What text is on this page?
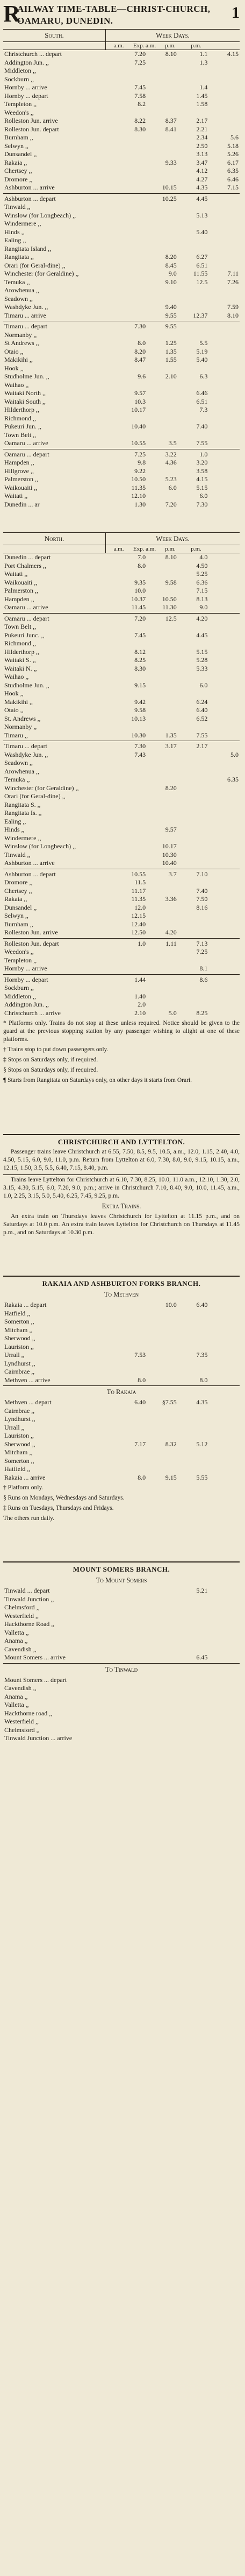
R
AILWAY TIME-TABLE—CHRIST-CHURCH, OAMARU, DUNEDIN.	1
South.	Week Days.
a.m.	Exp. a.m.	p.m.	p.m.
Christchurch ... depart	7.20	8.10	1.1	4.15
Addington Jun. ,,	7.25		1.3	
Middleton ,,				
Sockburn ,,				
Hornby ... arrive	7.45		1.4	
Hornby ... depart	7.58		1.45	
Templeton ,,	8.2		1.58	
Weedon's ,,				
Rolleston Jun. arrive	8.22	8.37	2.17	
Rolleston Jun. depart	8.30	8.41	2.21	
Burnham ,,			2.34	5.6
Selwyn ,,			2.50	5.18
Dunsandel ,,			3.13	5.26
Rakaia ,,		9.33	3.47	6.17
Chertsey ,,			4.12	6.35
Dromore ,,			4.27	6.46
Ashburton ... arrive		10.15	4.35	7.15
Ashburton ... depart		10.25	4.45	
Tinwald ,,				
Winslow (for Longbeach) ,,			5.13	
Windermere ,,				
Hinds ,,			5.40	
Ealing ,,				
Rangitata Island ,,				
Rangitata ,,		8.20	6.27	
Orari (for Geral-dine) ,,		8.45	6.51	
Winchester (for Geraldine) ,,		9.0	11.55	7.11
Temuka ,,		9.10	12.5	7.26
Arowhenua ,,				
Seadown ,,				
Washdyke Jun. ,,		9.40		7.59
Timaru ... arrive		9.55	12.37	8.10
Timaru ... depart	7.30	9.55		
Normanby ,,				
St Andrews ,,	8.0	1.25	5.5	
Otaio ,,	8.20	1.35	5.19	
Makikihi ,,	8.47	1.55	5.40	
Hook ,,				
Studholme Jun. ,,	9.6	2.10	6.3	
Waihao ,,				
Waitaki North ,,	9.57		6.46	
Waitaki South ,,	10.3		6.51	
Hilderthorp ,,	10.17		7.3	
Richmond ,,				
Pukeuri Jun. ,,	10.40		7.40	
Town Belt ,,				
Oamaru ... arrive	10.55	3.5	7.55	
Oamaru ... depart	7.25	3.22	1.0	
Hampden ,,	9.8	4.36	3.20	
Hillgrove ,,	9.22		3.58	
Palmerston ,,	10.50	5.23	4.15	
Waikouaiti ,,	11.35	6.0	5.15	
Waitati ,,	12.10		6.0	
Dunedin ... ar	1.30	7.20	7.30	
North.	Week Days.
a.m.	Exp. a.m.	p.m.	p.m.
Dunedin ... depart	7.0	8.10	4.0	
Port Chalmers ,,	8.0		4.50	
Waitati ,,			5.25	
Waikouaiti ,,	9.35	9.58	6.36	
Palmerston ,,	10.0		7.15	
Hampden ,,	10.37	10.50	8.13	
Oamaru ... arrive	11.45	11.30	9.0	
Oamaru ... depart	7.20	12.5	4.20	
Town Belt ,,				
Pukeuri Junc. ,,	7.45		4.45	
Richmond ,,				
Hilderthorp ,,	8.12		5.15	
Waitaki S. ,,	8.25		5.28	
Waitaki N. ,,	8.30		5.33	
Waihao ,,				
Studholme Jun. ,,	9.15		6.0	
Hook ,,				
Makikihi ,,	9.42		6.24	
Otaio ,,	9.58		6.40	
St. Andrews ,,	10.13		6.52	
Normanby ,,				
Timaru ,,	10.30	1.35	7.55	
Timaru ... depart	7.30	3.17	2.17	
Washdyke Jun. ,,	7.43			5.0
Seadown ,,				
Arowhenua ,,				
Temuka ,,				6.35
Winchester (for Geraldine) ,,		8.20		
Orari (for Geral-dine) ,,				
Rangitata S. ,,				
Rangitata Is. ,,				
Ealing ,,				
Hinds ,,		9.57		
Windermere ,,				
Winslow (for Longbeach) ,,		10.17		
Tinwald ,,		10.30		
Ashburton ... arrive		10.40		
Ashburton ... depart	10.55	3.7	7.10	
Dromore ,,	11.5			
Chertsey ,,	11.17		7.40	
Rakaia ,,	11.35	3.36	7.50	
Dunsandel ,,	12.0		8.16	
Selwyn ,,	12.15			
Burnham ,,	12.40			
Rolleston Jun. arrive	12.50	4.20		
Rolleston Jun. depart	1.0	1.11	7.13	
Weedon's ,,			7.25	
Templeton ,,				
Hornby ... arrive			8.1	
Hornby ... depart	1.44		8.6	
Sockburn ,,				
Middleton ,,	1.40			
Addington Jun. ,,	2.0			
Christchurch ... arrive	2.10	5.0	8.25	
* Platforms only. Trains do not stop at these unless required. Notice should be given to the guard at the previous stopping station by any passenger wishing to alight at one of these platforms.
† Trains stop to put down passengers only.
‡ Stops on Saturdays only, if required.
§ Stops on Saturdays only, if required.
¶ Starts from Rangitata on Saturdays only, on other days it starts from Orari.
CHRISTCHURCH AND LYTTELTON.
Passenger trains leave Christchurch at 6.55, 7.50, 8.5, 9.5, 10.5, a.m., 12.0, 1.15, 2.40, 4.0, 4.50, 5.15, 6.0, 9.0, 11.0, p.m. Return from Lyttelton at 6.0, 7.30, 8.0, 9.0, 9.15, 10.15, a.m., 12.15, 1.50, 3.5, 5.5, 6.40, 7.15, 8.40, p.m.
Trains leave Lyttelton for Christchurch at 6.10, 7.30, 8.25, 10.0, 11.0 a.m., 12.10, 1.30, 2.0, 3.15, 4.30, 5.15, 6.0, 7.20, 9.0, p.m.; arrive in Christchurch 7.10, 8.40, 9.0, 10.0, 11.45, a.m., 1.0, 2.25, 3.15, 5.0, 5.40, 6.25, 7.45, 9.25, p.m.
Extra Trains.
An extra train on Thursdays leaves Christchurch for Lyttelton at 11.15 p.m., and on Saturdays at 10.0 p.m. An extra train leaves Lyttelton for Christchurch on Thursdays at 11.45 p.m., and on Saturdays at 10.30 p.m.
RAKAIA AND ASHBURTON FORKS BRANCH.
To Methven
Rakaia ... depart		10.0	6.40	
Hatfield ,,				
Somerton ,,				
Mitcham ,,				
Sherwood ,,				
Lauriston ,,				
Urrall ,,	7.53		7.35	
Lyndhurst ,,				
Cairnbrae ,,				
Methven ... arrive	8.0		8.0	
To Rakaia
Methven ... depart	6.40	§7.55	4.35	
Cairnbrae ,,				
Lyndhurst ,,				
Urrall ,,				
Lauriston ,,				
Sherwood ,,	7.17	8.32	5.12	
Mitcham ,,				
Somerton ,,				
Hatfield ,,				
Rakaia ... arrive	8.0	9.15	5.55	
† Platform only.
§ Runs on Mondays, Wednesdays and Saturdays.
‡ Runs on Tuesdays, Thursdays and Fridays.
The others run daily.
MOUNT SOMERS BRANCH.
To Mount Somers
Tinwald ... depart			5.21	
Tinwald Junction ,,				
Chelmsford ,,				
Westerfield ,,				
Hackthorne Road ,,				
Valletta ,,				
Anama ,,				
Cavendish ,,				
Mount Somers ... arrive			6.45	
To Tinwald
Mount Somers ... depart				
Cavendish ,,				
Anama ,,				
Valletta ,,				
Hackthorne road ,,				
Westerfield ,,				
Chelmsford ,,				
Tinwald Junction ... arrive				
